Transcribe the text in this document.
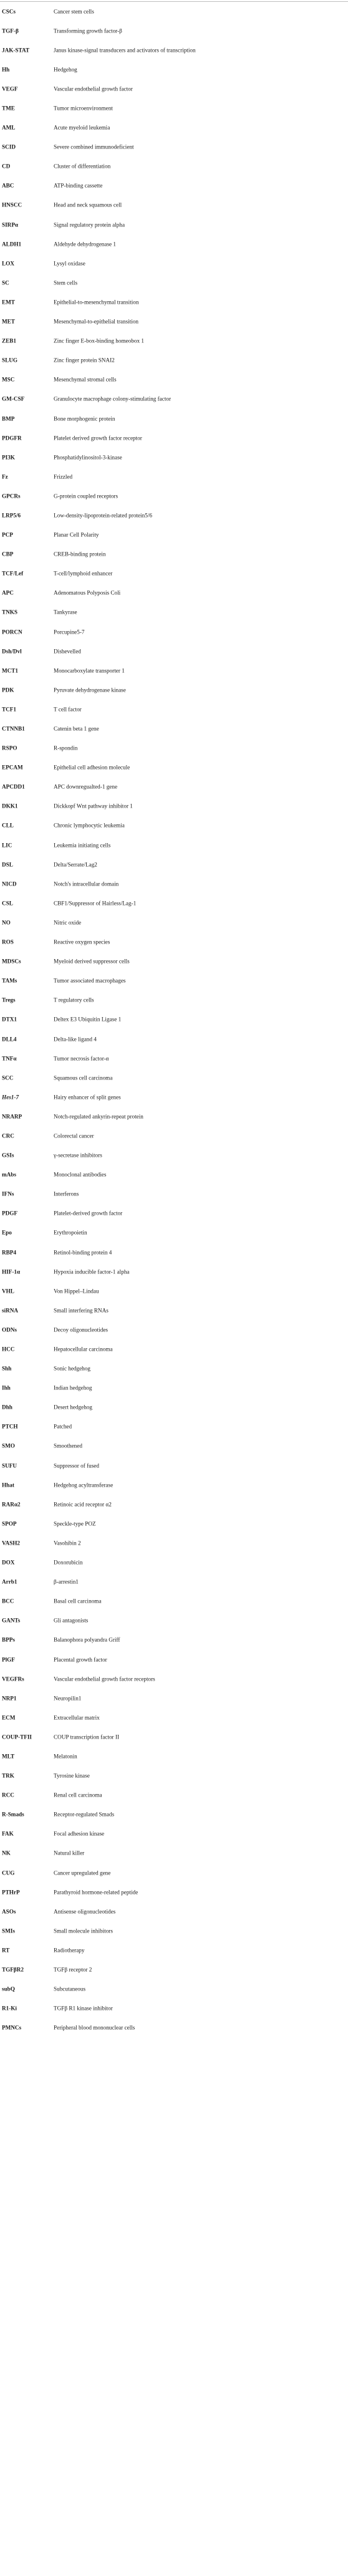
CSCs	Cancer stem cells
TGF-β	Transforming growth factor-β
JAK-STAT	Janus kinase-signal transducers and activators of transcription
Hh	Hedgehog
VEGF	Vascular endothelial growth factor
TME	Tumor microenvironment
AML	Acute myeloid leukemia
SCID	Severe combined immunodeficient
CD	Cluster of differentiation
ABC	ATP-binding cassette
HNSCC	Head and neck squamous cell
SIRPα	Signal regulatory protein alpha
ALDH1	Aldehyde dehydrogenase 1
LOX	Lysyl oxidase
SC	Stem cells
EMT	Epithelial-to-mesenchymal transition
MET	Mesenchymal-to-epithelial transition
ZEB1	Zinc finger E-box-binding homeobox 1
SLUG	Zinc finger protein SNAI2
MSC	Mesenchymal stromal cells
GM-CSF	Granulocyte macrophage colony-stimulating factor
BMP	Bone morphogenic protein
PDGFR	Platelet derived growth factor receptor
PI3K	Phosphatidylinositol-3-kinase
Fz	Frizzled
GPCRs	G-protein coupled receptors
LRP5/6	Low-density-lipoprotein-related protein5/6
PCP	Planar Cell Polarity
CBP	CREB-binding protein
TCF/Lef	T-cell/lymphoid enhancer
APC	Adenomatous Polyposis Coli
TNKS	Tankyrase
PORCN	Porcupine5-7
Dsh/Dvl	Dishevelled
MCT1	Monocarboxylate transporter 1
PDK	Pyruvate dehydrogenase kinase
TCF1	T cell factor
CTNNB1	Catenin beta 1 gene
RSPO	R-spondin
EPCAM	Epithelial cell adhesion molecule
APCDD1	APC downregualted-1 gene
DKK1	Dickkopf Wnt pathway inhibitor 1
CLL	Chronic lymphocytic leukemia
LIC	Leukemia initiating cells
DSL	Delta/Serrate/Lag2
NICD	Notch's intracellular domain
CSL	CBF1/Suppressor of Hairless/Lag-1
NO	Nitric oxide
ROS	Reactive oxygen species
MDSCs	Myeloid derived suppressor cells
TAMs	Tumor associated macrophages
Tregs	T regulatory cells
DTX1	Deltex E3 Ubiquitin Ligase 1
DLL4	Delta-like ligand 4
TNFα	Tumor necrosis factor-α
SCC	Squamous cell carcinoma
Hes1-7	Hairy enhancer of split genes
NRARP	Notch-regulated ankyrin-repeat protein
CRC	Colorectal cancer
GSIs	γ-secretase inhibitors
mAbs	Monoclonal antibodies
IFNs	Interferons
PDGF	Platelet-derived growth factor
Epo	Erythropoietin
RBP4	Retinol-binding protein 4
HIF-1α	Hypoxia inducible factor-1 alpha
VHL	Von Hippel–Lindau
siRNA	Small interfering RNAs
ODNs	Decoy oligonucleotides
HCC	Hepatocellular carcinoma
Shh	Sonic hedgehog
Ihh	Indian hedgehog
Dhh	Desert hedgehog
PTCH	Patched
SMO	Smoothened
SUFU	Suppressor of fused
Hhat	Hedgehog acyltransferase
RARα2	Retinoic acid receptor α2
SPOP	Speckle-type POZ
VASH2	Vasohibin 2
DOX	Doxorubicin
Arrb1	β-arrestin1
BCC	Basal cell carcinoma
GANTs	Gli antagonists
BPPs	Balanophora polyandra Griff
PlGF	Placental growth factor
VEGFRs	Vascular endothelial growth factor receptors
NRP1	Neuropilin1
ECM	Extracellular matrix
COUP-TFII	COUP transcription factor II
MLT	Melatonin
TRK	Tyrosine kinase
RCC	Renal cell carcinoma
R-Smads	Receptor-regulated Smads
FAK	Focal adhesion kinase
NK	Natural killer
CUG	Cancer upregulated gene
PTHrP	Parathyroid hormone-related peptide
ASOs	Antisense oligonucleotides
SMIs	Small molecule inhibitors
RT	Radiotherapy
TGFβR2	TGFβ receptor 2
subQ	Subcutaneous
R1-Ki	TGFβ R1 kinase inhibitor
PMNCs	Peripheral blood mononuclear cells
